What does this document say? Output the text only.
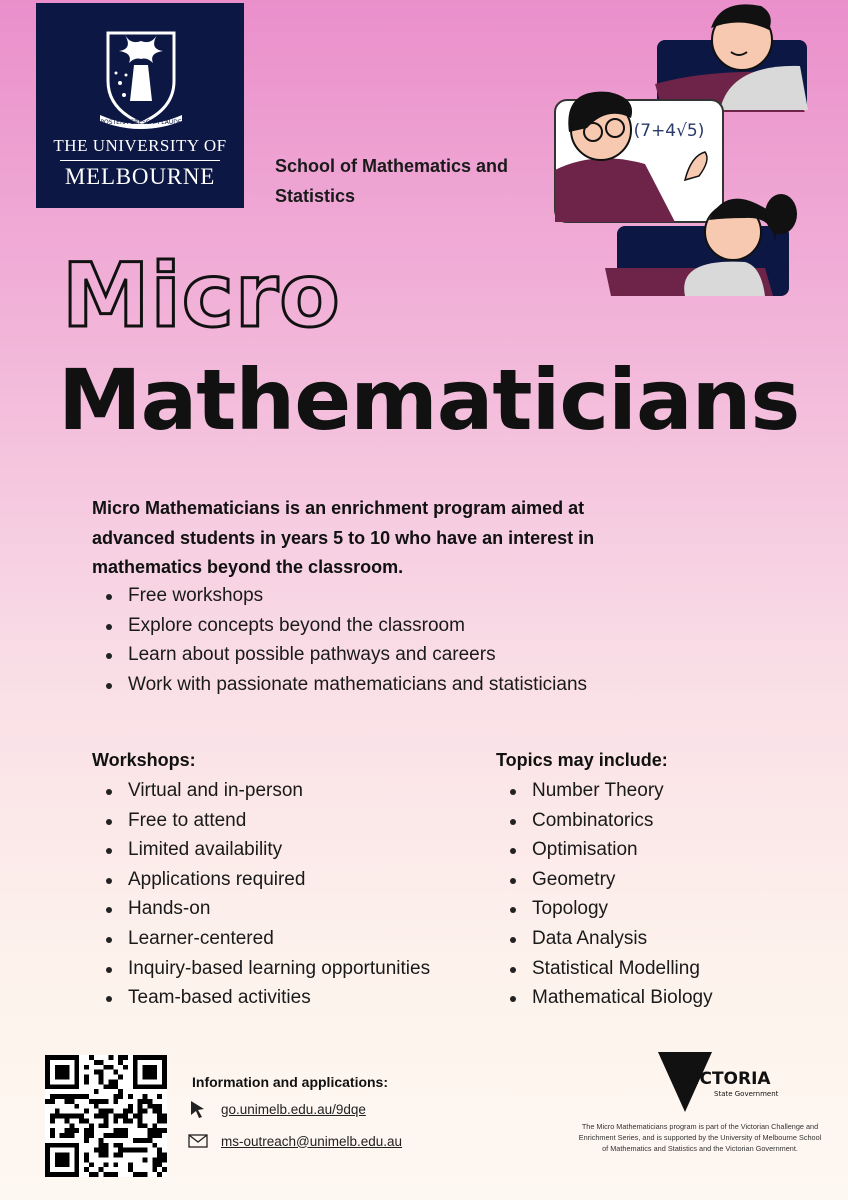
POSTERA CRESCAM LAUDE
THE UNIVERSITY OF
MELBOURNE	School of Mathematics and Statistics
(7+4√5)
Micro
Mathematicians
Micro Mathematicians is an enrichment program aimed at advanced students in years 5 to 10 who have an interest in mathematics beyond the classroom.
Free workshops
Explore concepts beyond the classroom
Learn about possible pathways and careers
Work with passionate mathematicians and statisticians
Workshops:
Virtual and in-person
Free to attend
Limited availability
Applications required
Hands-on
Learner-centered
Inquiry-based learning opportunities
Team-based activities
Topics may include:
Number Theory
Combinatorics
Optimisation
Geometry
Topology
Data Analysis
Statistical Modelling
Mathematical Biology
Information and applications:
go.unimelb.edu.au/9dqe
ms-outreach@unimelb.edu.au
VICTORIA
State Government
The Micro Mathematicians program is part of the Victorian Challenge and Enrichment Series, and is supported by the University of Melbourne School of Mathematics and Statistics and the Victorian Government.
